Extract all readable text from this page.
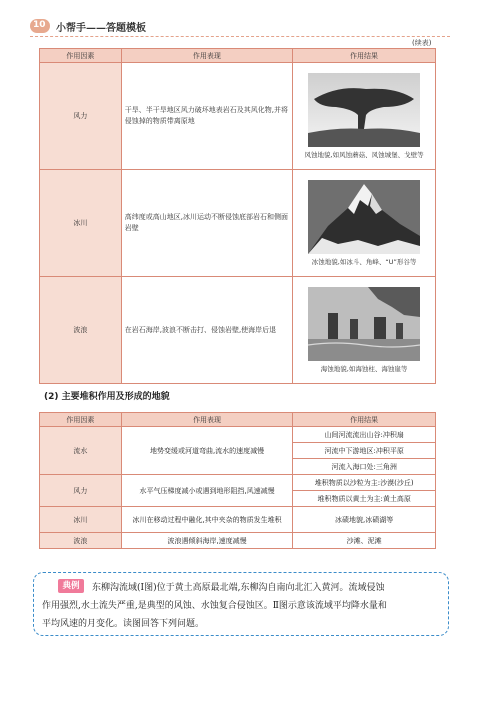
10 小帮手——答题模板
(续表)
作用因素	作用表现	作用结果
风力	干旱、半干旱地区风力破坏地表岩石及其风化物,并将侵蚀掉的物质带离原地	风蚀地貌,如风蚀蘑菇、风蚀城堡、戈壁等

冰川	高纬度或高山地区,冰川运动不断侵蚀底部岩石和侧面岩壁	冰蚀地貌,如冰斗、角峰、“U”形谷等

波浪	在岩石海岸,波浪不断击打、侵蚀岩壁,使海岸后退	海蚀地貌,如海蚀柱、海蚀崖等
(2) 主要堆积作用及形成的地貌
作用因素	作用表现	作用结果
流水	地势变缓或河道弯曲,流水的速度减慢	山间河流流出山谷:冲积扇
		河流中下游地区:冲积平原
		河流入海口处:三角洲
风力	水平气压梯度减小或遇到地形阻挡,风速减慢	堆积物质以沙粒为主:沙漠(沙丘)
		堆积物质以黄土为主:黄土高原
冰川	冰川在移动过程中融化,其中夹杂的物质发生堆积	冰碛地貌,冰碛湖等
波浪	波浪遇倾斜海岸,速度减慢	沙滩、泥滩
典例	东柳沟流域(Ⅰ图)位于黄土高原最北端,东柳沟自南向北汇入黄河。流域侵蚀
作用强烈,水土流失严重,是典型的风蚀、水蚀复合侵蚀区。Ⅱ图示意该流域平均降水量和
平均风速的月变化。读图回答下列问题。
